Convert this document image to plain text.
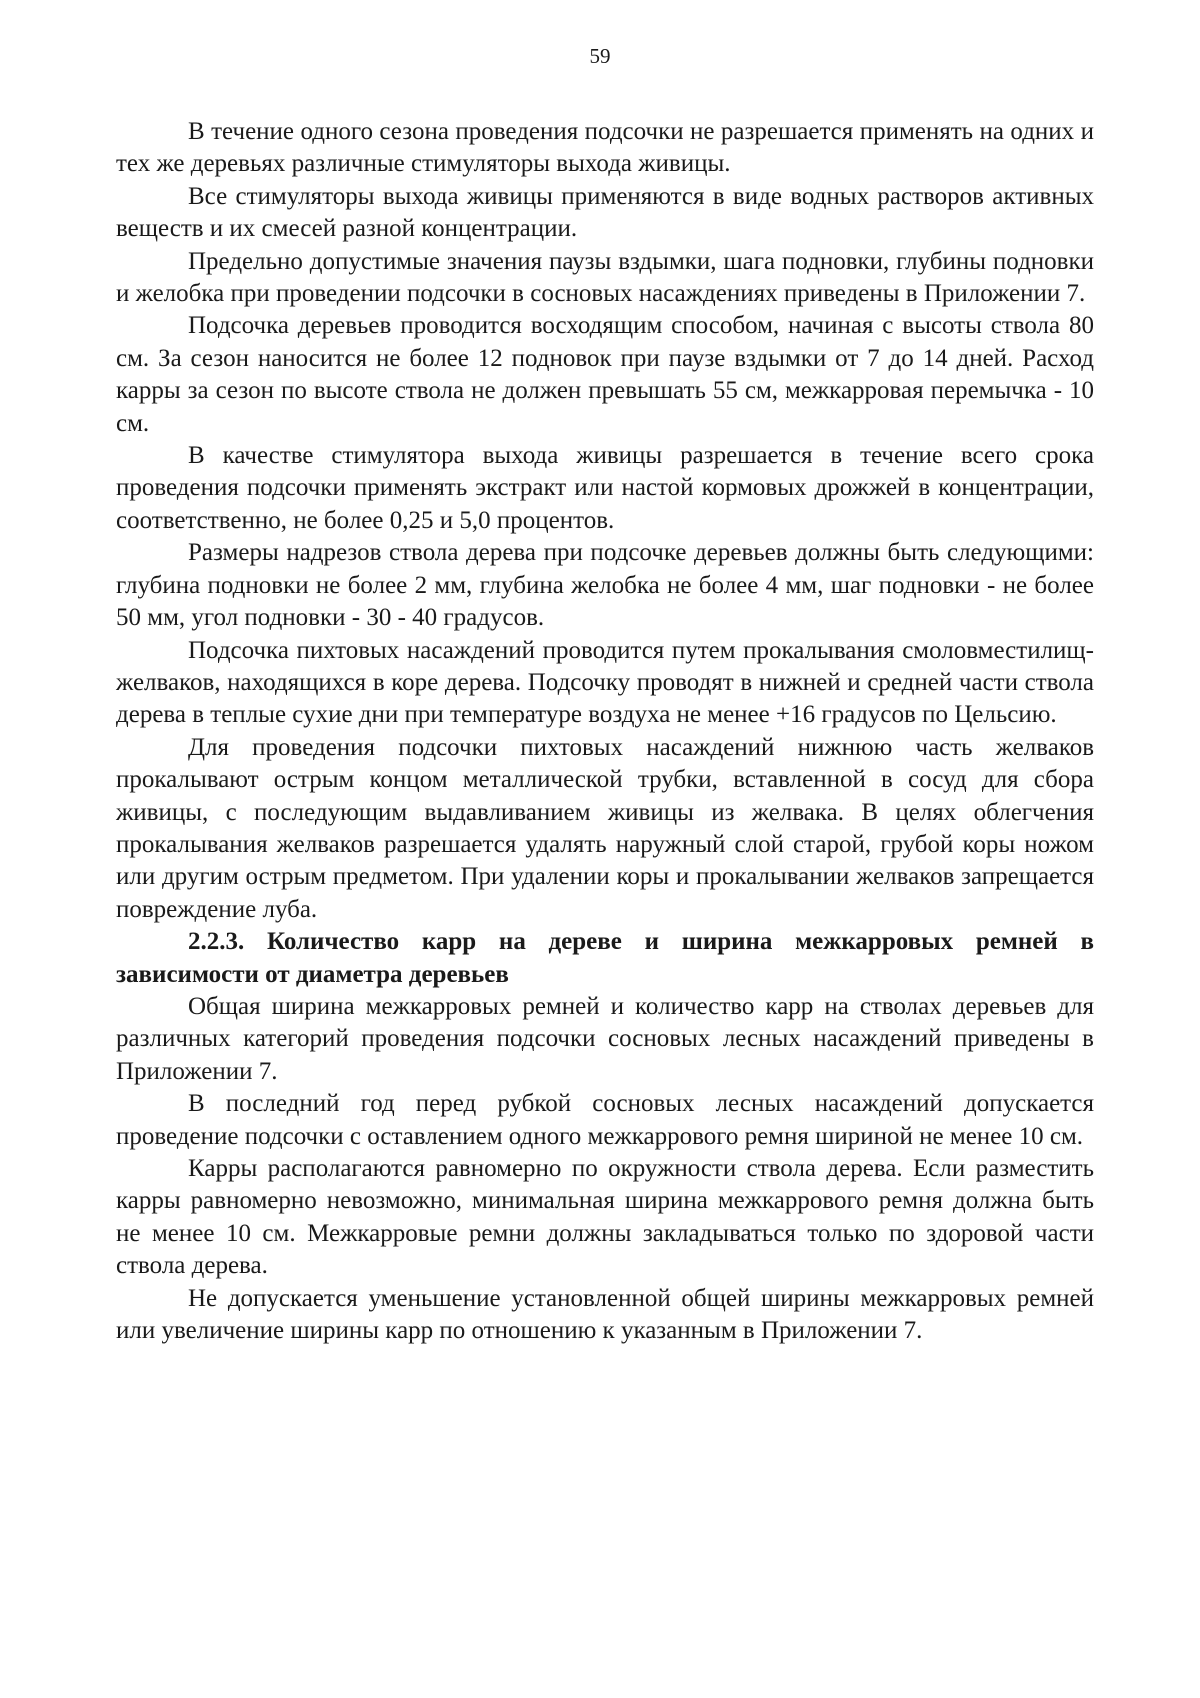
59

В течение одного сезона проведения подсочки не разрешается применять на одних и тех же деревьях различные стимуляторы выхода живицы.

Все стимуляторы выхода живицы применяются в виде водных растворов активных веществ и их смесей разной концентрации.

Предельно допустимые значения паузы вздымки, шага подновки, глубины подновки и желобка при проведении подсочки в сосновых насаждениях приведены в Приложении 7.

Подсочка деревьев проводится восходящим способом, начиная с высоты ствола 80 см. За сезон наносится не более 12 подновок при паузе вздымки от 7 до 14 дней. Расход карры за сезон по высоте ствола не должен превышать 55 см, межкарровая перемычка - 10 см.

В качестве стимулятора выхода живицы разрешается в течение всего срока проведения подсочки применять экстракт или настой кормовых дрожжей в концентрации, соответственно, не более 0,25 и 5,0 процентов.

Размеры надрезов ствола дерева при подсочке деревьев должны быть следующими: глубина подновки не более 2 мм, глубина желобка не более 4 мм, шаг подновки - не более 50 мм, угол подновки - 30 - 40 градусов.

Подсочка пихтовых насаждений проводится путем прокалывания смоловместилищ-желваков, находящихся в коре дерева. Подсочку проводят в нижней и средней части ствола дерева в теплые сухие дни при температуре воздуха не менее +16 градусов по Цельсию.

Для проведения подсочки пихтовых насаждений нижнюю часть желваков прокалывают острым концом металлической трубки, вставленной в сосуд для сбора живицы, с последующим выдавливанием живицы из желвака. В целях облегчения прокалывания желваков разрешается удалять наружный слой старой, грубой коры ножом или другим острым предметом. При удалении коры и прокалывании желваков запрещается повреждение луба.

2.2.3. Количество карр на дереве и ширина межкарровых ремней в зависимости от диаметра деревьев

Общая ширина межкарровых ремней и количество карр на стволах деревьев для различных категорий проведения подсочки сосновых лесных насаждений приведены в Приложении 7.

В последний год перед рубкой сосновых лесных насаждений допускается проведение подсочки с оставлением одного межкаррового ремня шириной не менее 10 см.

Карры располагаются равномерно по окружности ствола дерева. Если разместить карры равномерно невозможно, минимальная ширина межкаррового ремня должна быть не менее 10 см. Межкарровые ремни должны закладываться только по здоровой части ствола дерева.

Не допускается уменьшение установленной общей ширины межкарровых ремней или увеличение ширины карр по отношению к указанным в Приложении 7.
